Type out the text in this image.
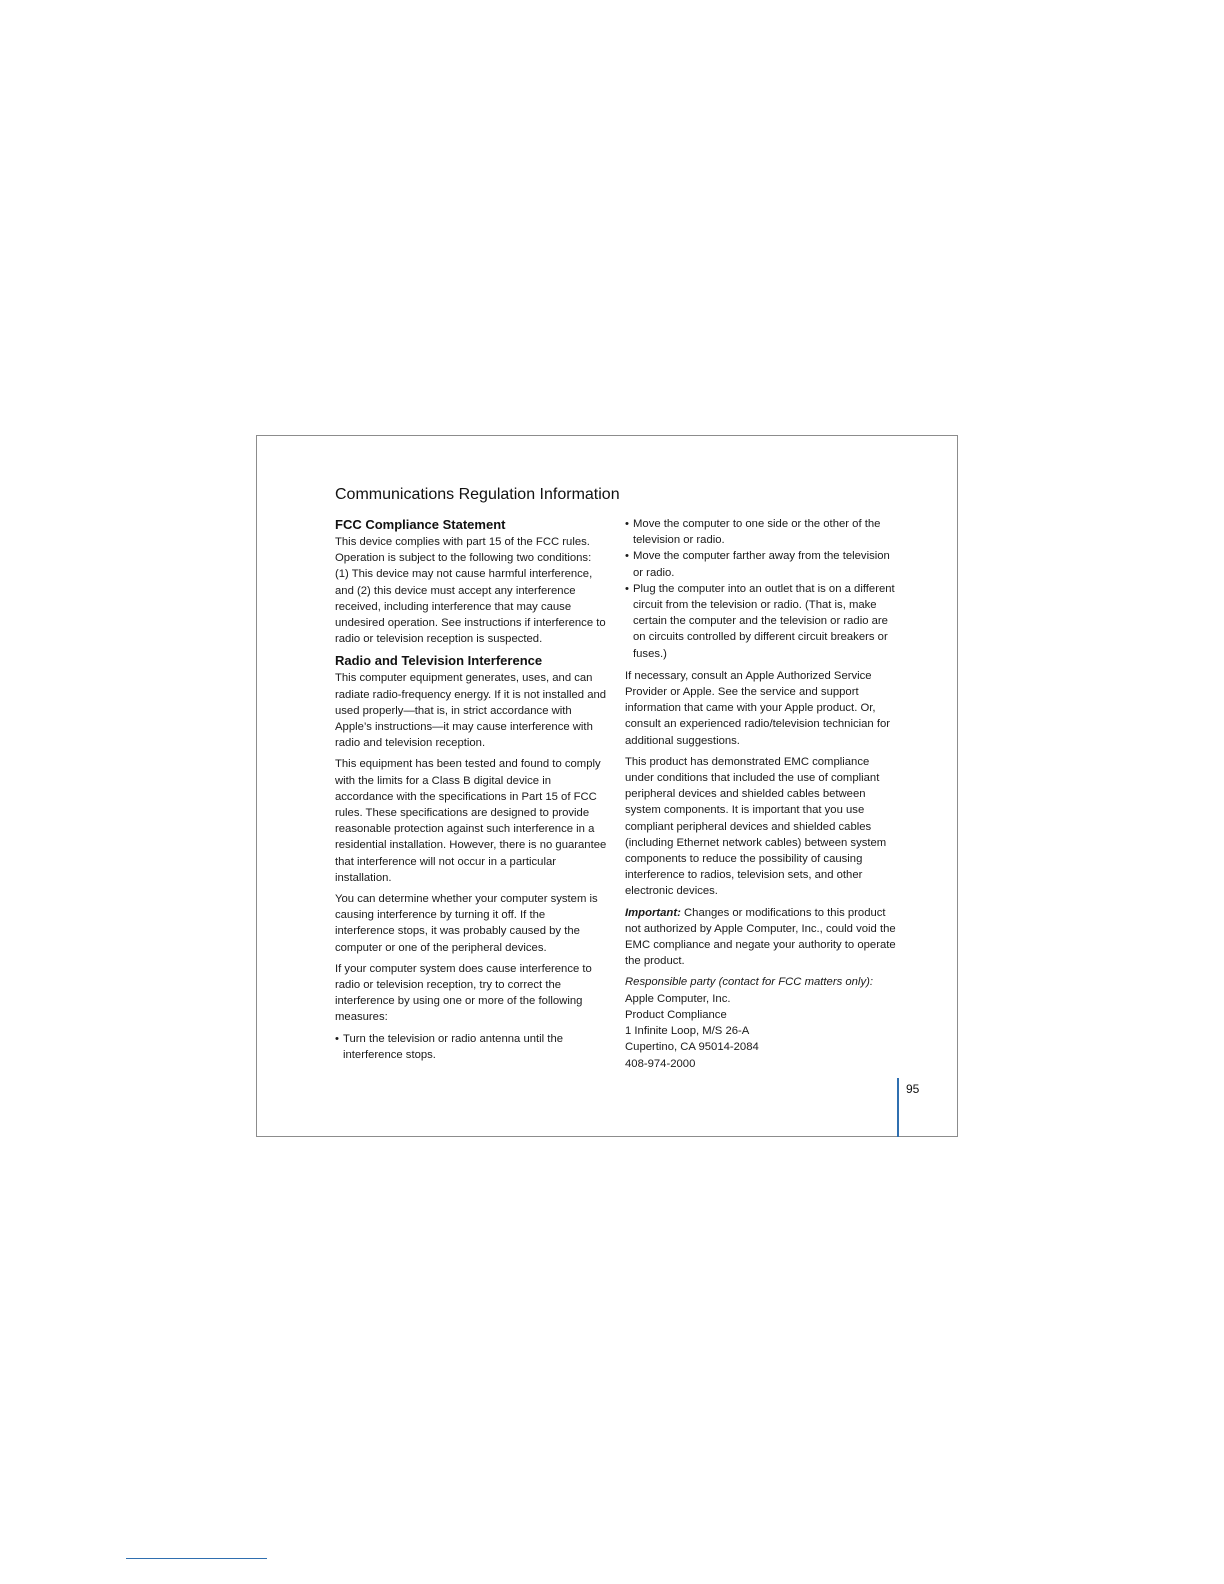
Communications Regulation Information
FCC Compliance Statement

This device complies with part 15 of the FCC rules. Operation is subject to the following two conditions: (1) This device may not cause harmful interference, and (2) this device must accept any interference received, including interference that may cause undesired operation. See instructions if interference to radio or television reception is suspected.

Radio and Television Interference

This computer equipment generates, uses, and can radiate radio-frequency energy. If it is not installed and used properly—that is, in strict accordance with Apple’s instructions—it may cause interference with radio and television reception.

This equipment has been tested and found to comply with the limits for a Class B digital device in accordance with the specifications in Part 15 of FCC rules. These specifications are designed to provide reasonable protection against such interference in a residential installation. However, there is no guarantee that interference will not occur in a particular installation.

You can determine whether your computer system is causing interference by turning it off. If the interference stops, it was probably caused by the computer or one of the peripheral devices.

If your computer system does cause interference to radio or television reception, try to correct the interference by using one or more of the following measures:

• Turn the television or radio antenna until the interference stops.
• Move the computer to one side or the other of the television or radio.
• Move the computer farther away from the television or radio.
• Plug the computer into an outlet that is on a different circuit from the television or radio. (That is, make certain the computer and the television or radio are on circuits controlled by different circuit breakers or fuses.)

If necessary, consult an Apple Authorized Service Provider or Apple. See the service and support information that came with your Apple product. Or, consult an experienced radio/television technician for additional suggestions.

This product has demonstrated EMC compliance under conditions that included the use of compliant peripheral devices and shielded cables between system components. It is important that you use compliant peripheral devices and shielded cables (including Ethernet network cables) between system components to reduce the possibility of causing interference to radios, television sets, and other electronic devices.

Important: Changes or modifications to this product not authorized by Apple Computer, Inc., could void the EMC compliance and negate your authority to operate the product.

Responsible party (contact for FCC matters only):

Apple Computer, Inc.
Product Compliance
1 Infinite Loop, M/S 26-A
Cupertino, CA 95014-2084
408-974-2000
95
